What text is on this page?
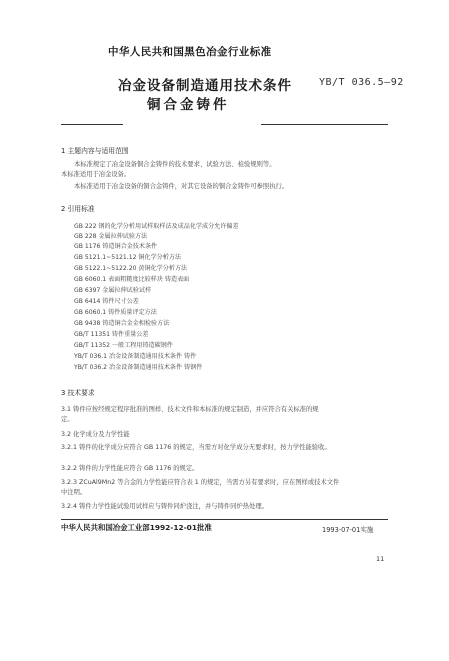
中华人民共和国黑色冶金行业标准
冶金设备制造通用技术条件
铜合金铸件
YB/T 036.5—92
1 主题内容与适用范围
本标准规定了冶金设备铜合金铸件的技术要求、试验方法、检验规则等。
本标准适用于冶金设备。
本标准适用于冶金设备的铜合金铸件，对其它设备的铜合金铸件可参照执行。
2 引用标准
GB 222 钢的化学分析用试样取样法及成品化学成分允许偏差
GB 228 金属拉伸试验方法
GB 1176 铸造铜合金技术条件
GB 5121.1~5121.12 铜化学分析方法
GB 5122.1~5122.20 黄铜化学分析方法
GB 6060.1 表面粗糙度比较样块 铸造表面
GB 6397 金属拉伸试验试样
GB 6414 铸件尺寸公差
GB 6060.1 铸件质量评定方法
GB 9438 铸造铜合金金相检验方法
GB/T 11351 铸件重量公差
GB/T 11352 一般工程用铸造碳钢件
YB/T 036.1 冶金设备制造通用技术条件 铸件
YB/T 036.2 冶金设备制造通用技术条件 铸钢件
3 技术要求
3.1 铸件应按经规定程序批准的图样、技术文件和本标准的规定制造，并应符合有关标准的规
定。
3.2 化学成分及力学性能
3.2.1 铸件的化学成分应符合 GB 1176 的规定，当需方对化学成分无要求时，按力学性能验收。
3.2.2 铸件的力学性能应符合 GB 1176 的规定。
3.2.3 ZCuAl9Mn2 等合金的力学性能应符合表 1 的规定，当需方另有要求时，应在图样或技术文件
中注明。
3.2.4 铸件力学性能试验用试样应与铸件同炉浇注，并与铸件同炉热处理。
中华人民共和国冶金工业部1992-12-01批准	1993-07-01实施
11
